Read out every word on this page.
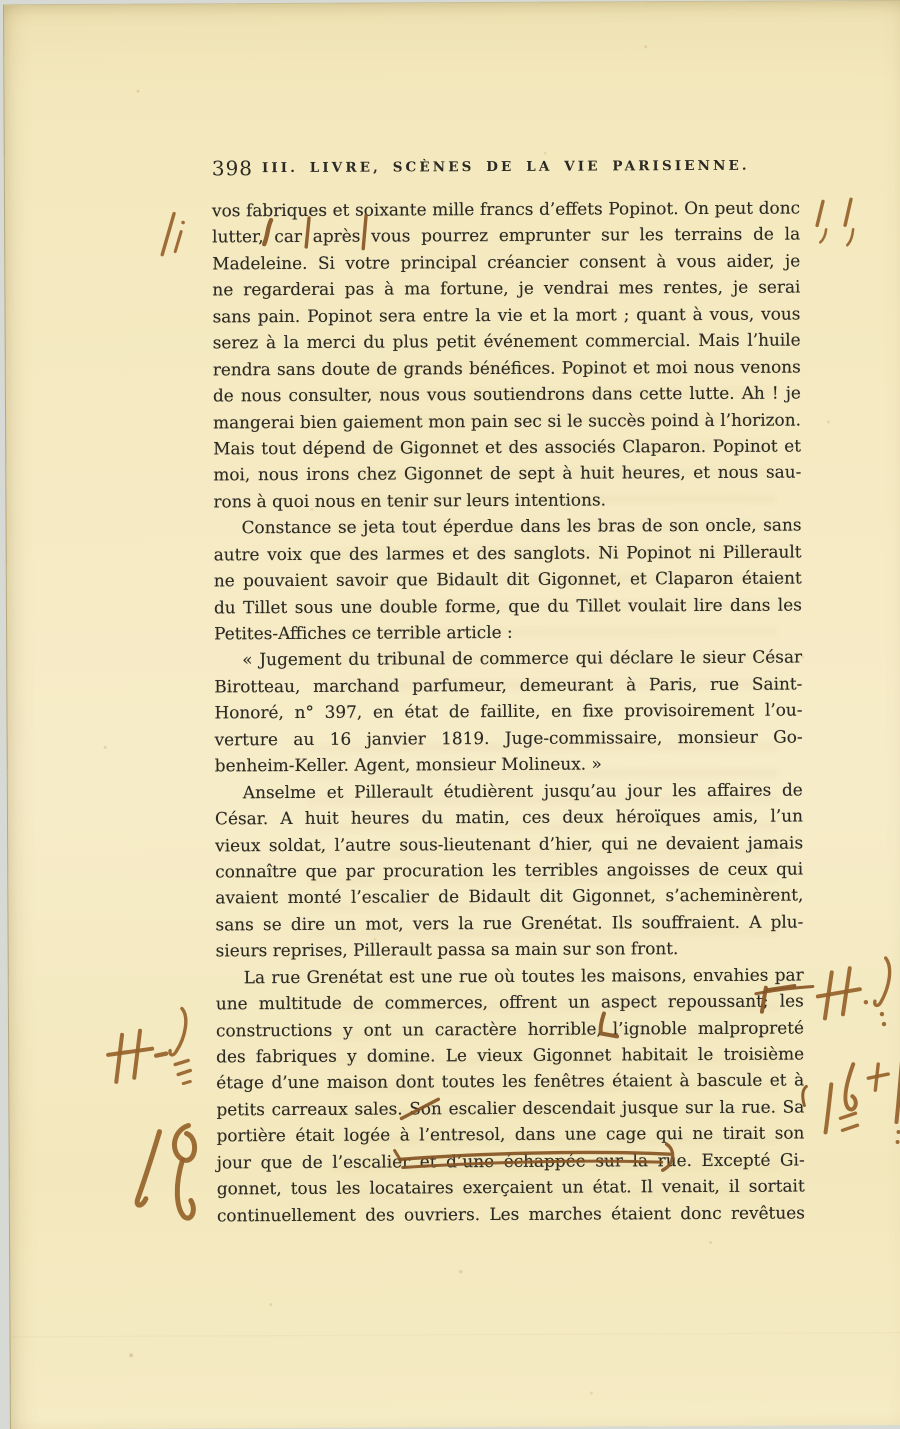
398 III. LIVRE, SCÈNES DE LA VIE PARISIENNE.
vos fabriques et soixante mille francs d’effets Popinot. On peut donc
lutter, car après vous pourrez emprunter sur les terrains de la
Madeleine. Si votre principal créancier consent à vous aider, je
ne regarderai pas à ma fortune, je vendrai mes rentes, je serai
sans pain. Popinot sera entre la vie et la mort ; quant à vous, vous
serez à la merci du plus petit événement commercial. Mais l’huile
rendra sans doute de grands bénéfices. Popinot et moi nous venons
de nous consulter, nous vous soutiendrons dans cette lutte. Ah ! je
mangerai bien gaiement mon pain sec si le succès poind à l’horizon.
Mais tout dépend de Gigonnet et des associés Claparon. Popinot et
moi, nous irons chez Gigonnet de sept à huit heures, et nous sau-
rons à quoi nous en tenir sur leurs intentions.
Constance se jeta tout éperdue dans les bras de son oncle, sans
autre voix que des larmes et des sanglots. Ni Popinot ni Pillerault
ne pouvaient savoir que Bidault dit Gigonnet, et Claparon étaient
du Tillet sous une double forme, que du Tillet voulait lire dans les
Petites-Affiches ce terrible article :
« Jugement du tribunal de commerce qui déclare le sieur César
Birotteau, marchand parfumeur, demeurant à Paris, rue Saint-
Honoré, n° 397, en état de faillite, en fixe provisoirement l’ou-
verture au 16 janvier 1819. Juge-commissaire, monsieur Go-
benheim-Keller. Agent, monsieur Molineux. »
Anselme et Pillerault étudièrent jusqu’au jour les affaires de
César. A huit heures du matin, ces deux héroïques amis, l’un
vieux soldat, l’autre sous-lieutenant d’hier, qui ne devaient jamais
connaître que par procuration les terribles angoisses de ceux qui
avaient monté l’escalier de Bidault dit Gigonnet, s’acheminèrent,
sans se dire un mot, vers la rue Grenétat. Ils souffraient. A plu-
sieurs reprises, Pillerault passa sa main sur son front.
La rue Grenétat est une rue où toutes les maisons, envahies par
une multitude de commerces, offrent un aspect repoussant; les
constructions y ont un caractère horrible, l’ignoble malpropreté
des fabriques y domine. Le vieux Gigonnet habitait le troisième
étage d’une maison dont toutes les fenêtres étaient à bascule et à
petits carreaux sales. Son escalier descendait jusque sur la rue. Sa
portière était logée à l’entresol, dans une cage qui ne tirait son
jour que de l’escalier et d’une échappée sur la rue. Excepté Gi-
gonnet, tous les locataires exerçaient un état. Il venait, il sortait
continuellement des ouvriers. Les marches étaient donc revêtues
